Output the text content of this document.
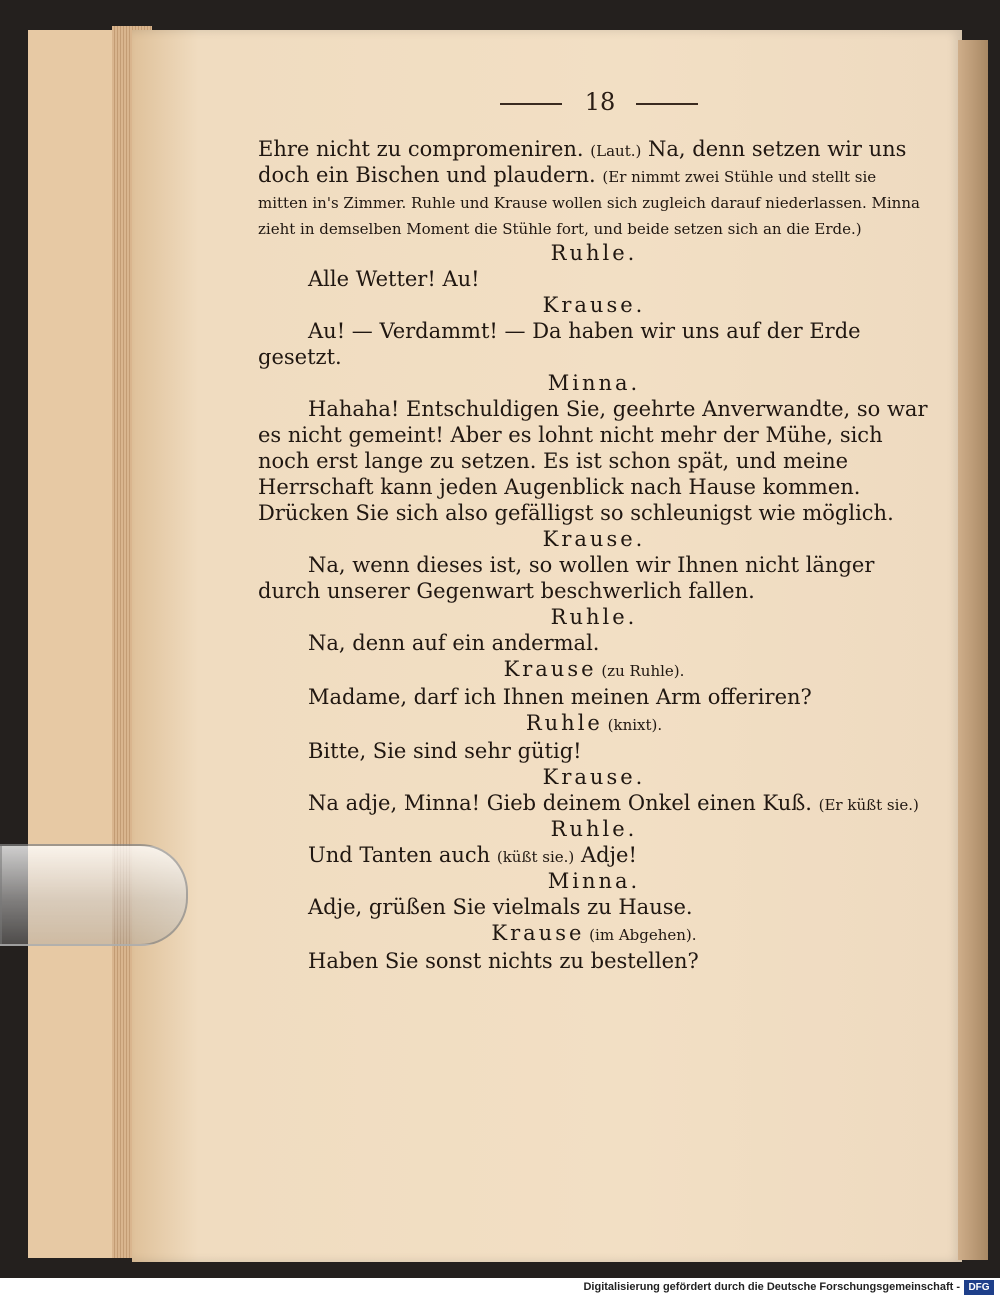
18

Ehre nicht zu compromeniren. (Laut.) Na, denn setzen wir uns doch ein Bischen und plaudern. (Er nimmt zwei Stühle und stellt sie mitten in's Zimmer. Ruhle und Krause wollen sich zugleich darauf niederlassen. Minna zieht in demselben Moment die Stühle fort, und beide setzen sich an die Erde.)

Ruhle.

Alle Wetter! Au!

Krause.

Au! — Verdammt! — Da haben wir uns auf der Erde gesetzt.

Minna.

Hahaha! Entschuldigen Sie, geehrte Anverwandte, so war es nicht gemeint! Aber es lohnt nicht mehr der Mühe, sich noch erst lange zu setzen. Es ist schon spät, und meine Herrschaft kann jeden Augenblick nach Hause kommen. Drücken Sie sich also gefälligst so schleunigst wie möglich.

Krause.

Na, wenn dieses ist, so wollen wir Ihnen nicht länger durch unserer Gegenwart beschwerlich fallen.

Ruhle.

Na, denn auf ein andermal.

Krause (zu Ruhle).

Madame, darf ich Ihnen meinen Arm offeriren?

Ruhle (knixt).

Bitte, Sie sind sehr gütig!

Krause.

Na adje, Minna! Gieb deinem Onkel einen Kuß. (Er küßt sie.)

Ruhle.

Und Tanten auch (küßt sie.) Adje!

Minna.

Adje, grüßen Sie vielmals zu Hause.

Krause (im Abgehen).

Haben Sie sonst nichts zu bestellen?

Digitalisierung gefördert durch die Deutsche Forschungsgemeinschaft - DFG
